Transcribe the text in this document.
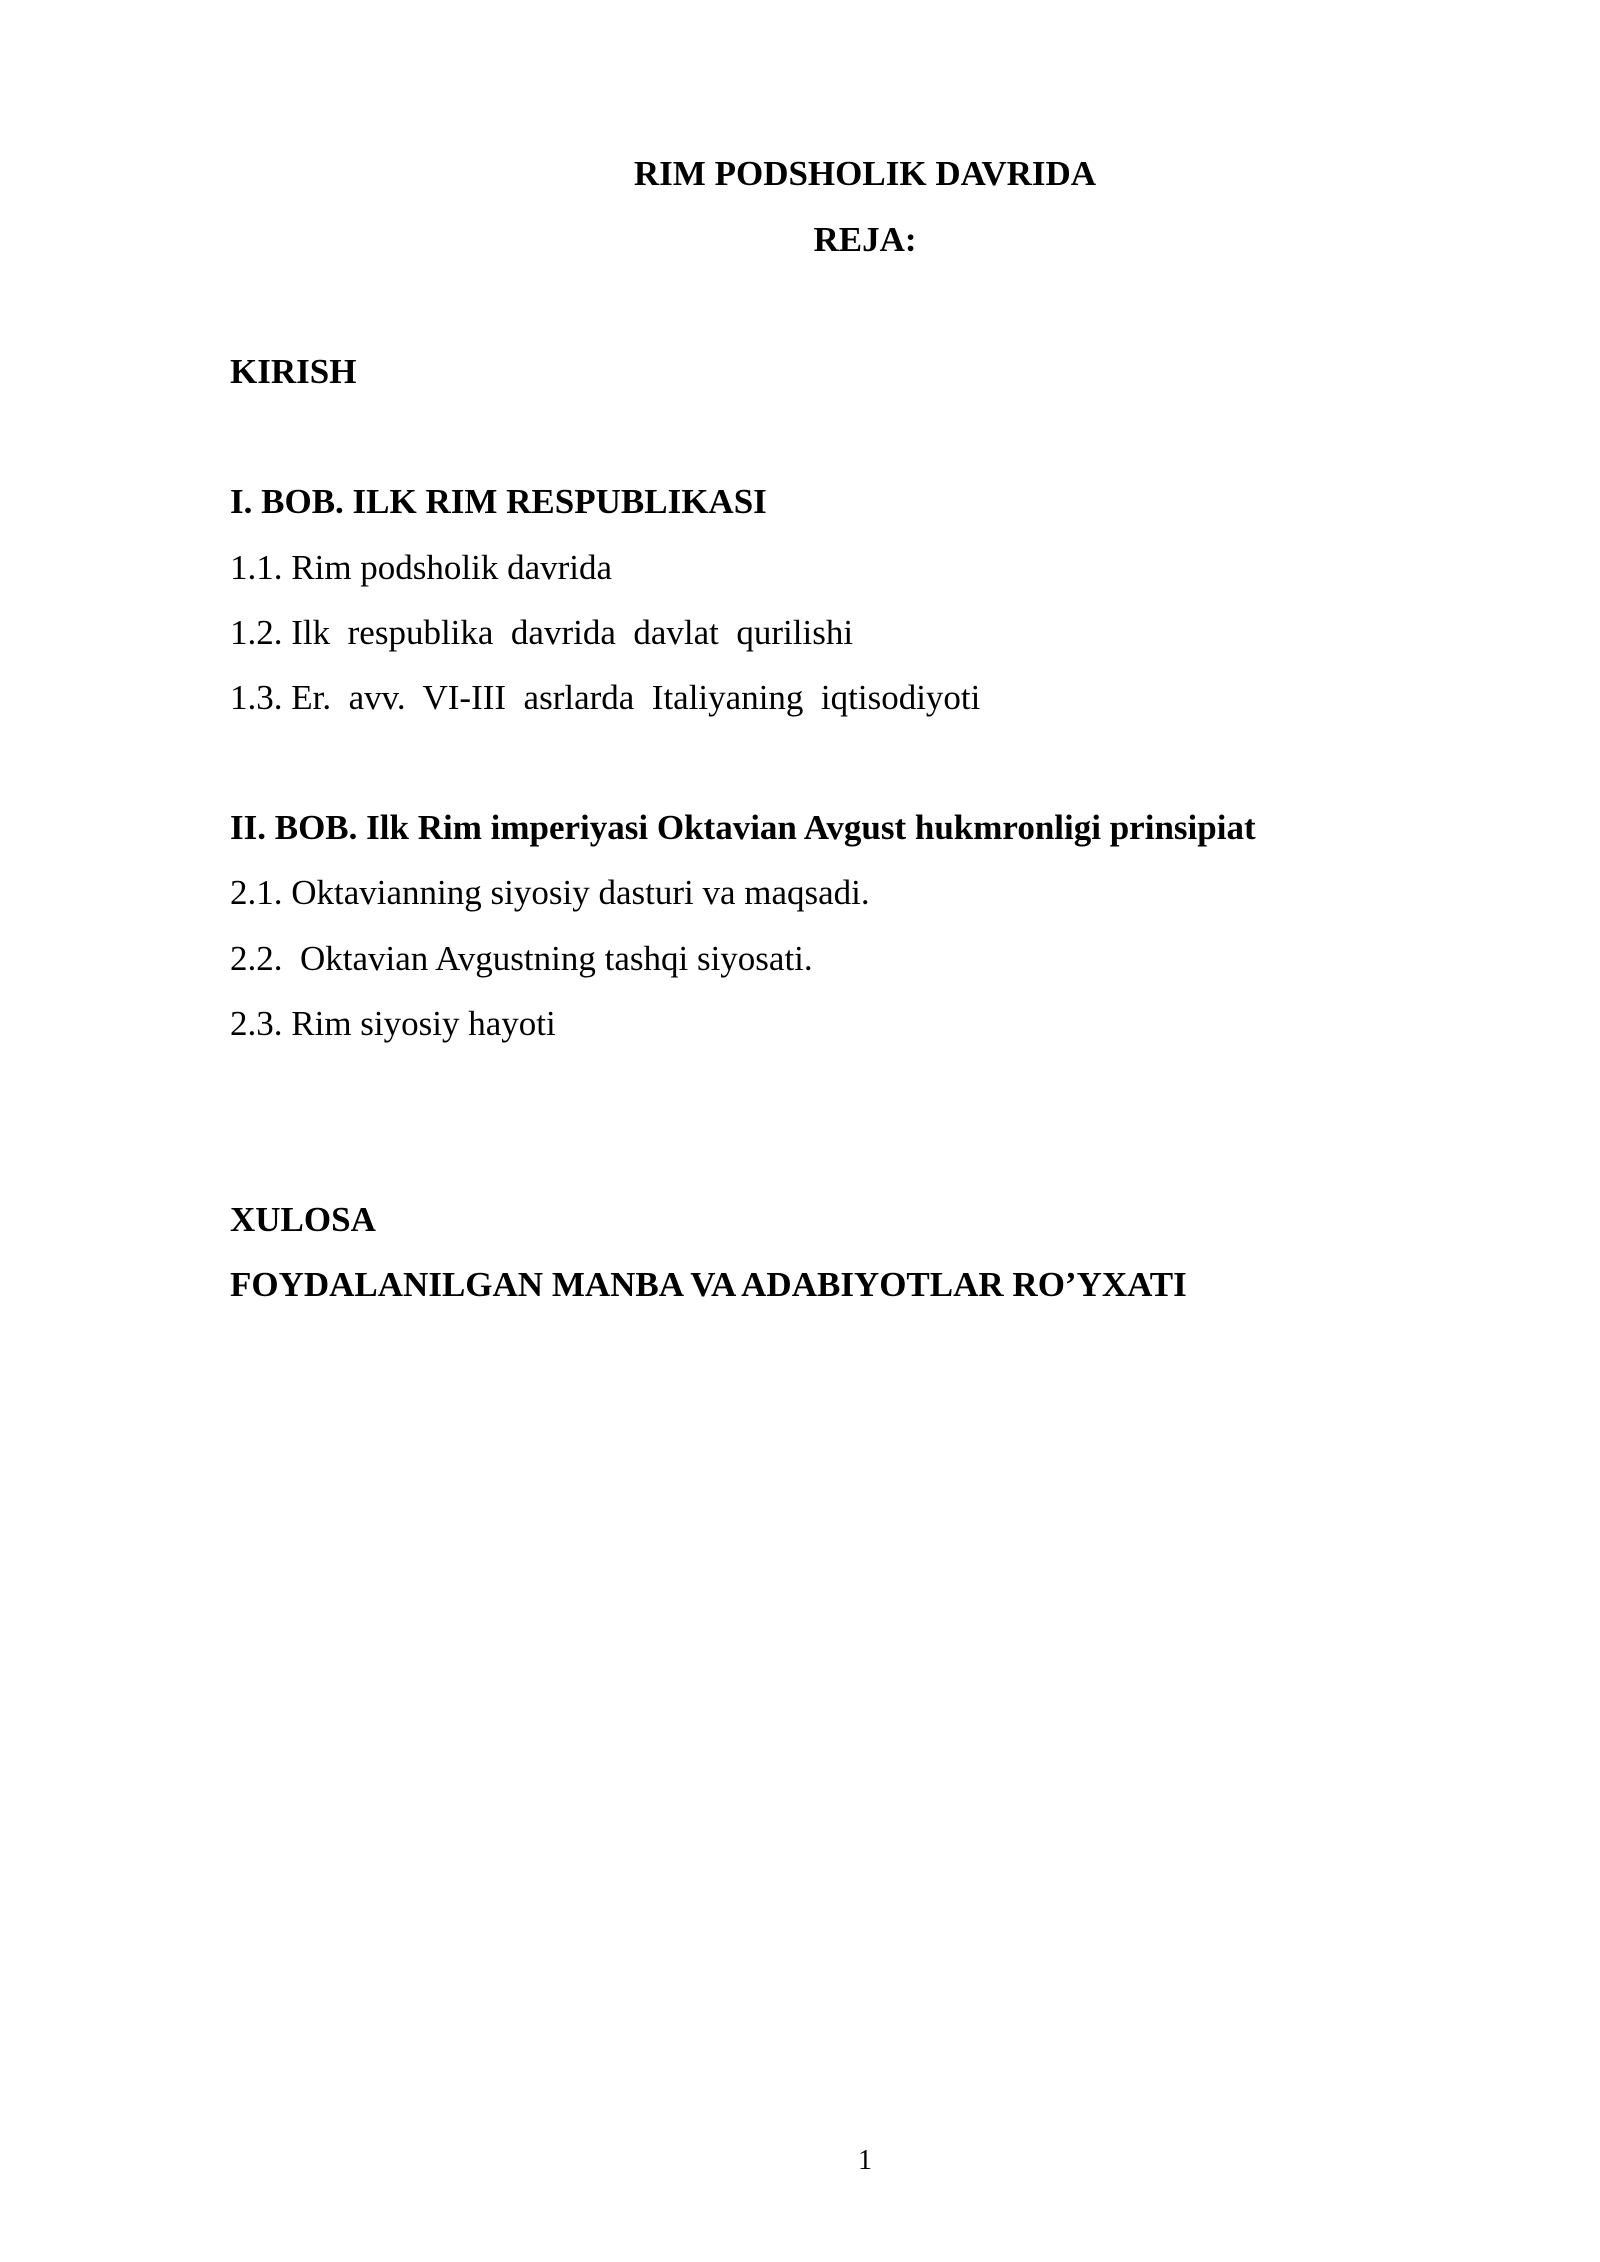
RIM PODSHOLIK DAVRIDA
REJA:
KIRISH
I. BOB. ILK RIM RESPUBLIKASI
1.1. Rim podsholik davrida
1.2. Ilk  respublika  davrida  davlat  qurilishi
1.3. Er.  avv.  VI-III  asrlarda  Italiyaning  iqtisodiyoti
II. BOB. Ilk Rim imperiyasi Oktavian Avgust hukmronligi prinsipiat
2.1. Oktavianning siyosiy dasturi va maqsadi.
2.2.  Oktavian Avgustning tashqi siyosati.
2.3. Rim siyosiy hayoti
XULOSA
FOYDALANILGAN MANBA VA ADABIYOTLAR RO’YXATI
1
